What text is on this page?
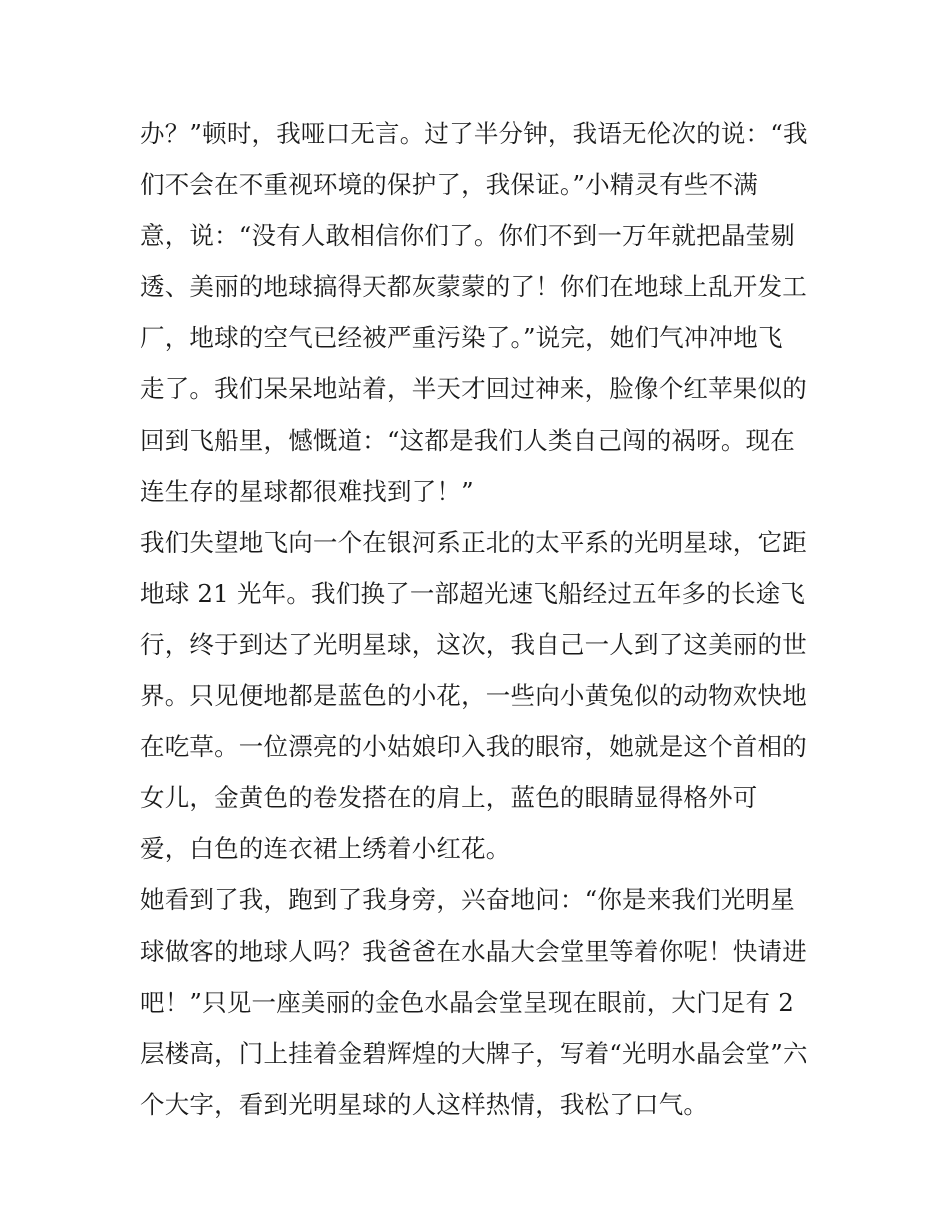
办？”顿时，我哑口无言。过了半分钟，我语无伦次的说：“我
们不会在不重视环境的保护了，我保证。”小精灵有些不满
意，说：“没有人敢相信你们了。你们不到一万年就把晶莹剔
透、美丽的地球搞得天都灰蒙蒙的了！你们在地球上乱开发工
厂，地球的空气已经被严重污染了。”说完，她们气冲冲地飞
走了。我们呆呆地站着，半天才回过神来，脸像个红苹果似的
回到飞船里，憾慨道：“这都是我们人类自己闯的祸呀。现在
连生存的星球都很难找到了！”
我们失望地飞向一个在银河系正北的太平系的光明星球，它距
地球 21 光年。我们换了一部超光速飞船经过五年多的长途飞
行，终于到达了光明星球，这次，我自己一人到了这美丽的世
界。只见便地都是蓝色的小花，一些向小黄兔似的动物欢快地
在吃草。一位漂亮的小姑娘印入我的眼帘，她就是这个首相的
女儿，金黄色的卷发搭在的肩上，蓝色的眼睛显得格外可
爱，白色的连衣裙上绣着小红花。
她看到了我，跑到了我身旁，兴奋地问：“你是来我们光明星
球做客的地球人吗？我爸爸在水晶大会堂里等着你呢！快请进
吧！”只见一座美丽的金色水晶会堂呈现在眼前，大门足有 2
层楼高，门上挂着金碧辉煌的大牌子，写着“光明水晶会堂”六
个大字，看到光明星球的人这样热情，我松了口气。
